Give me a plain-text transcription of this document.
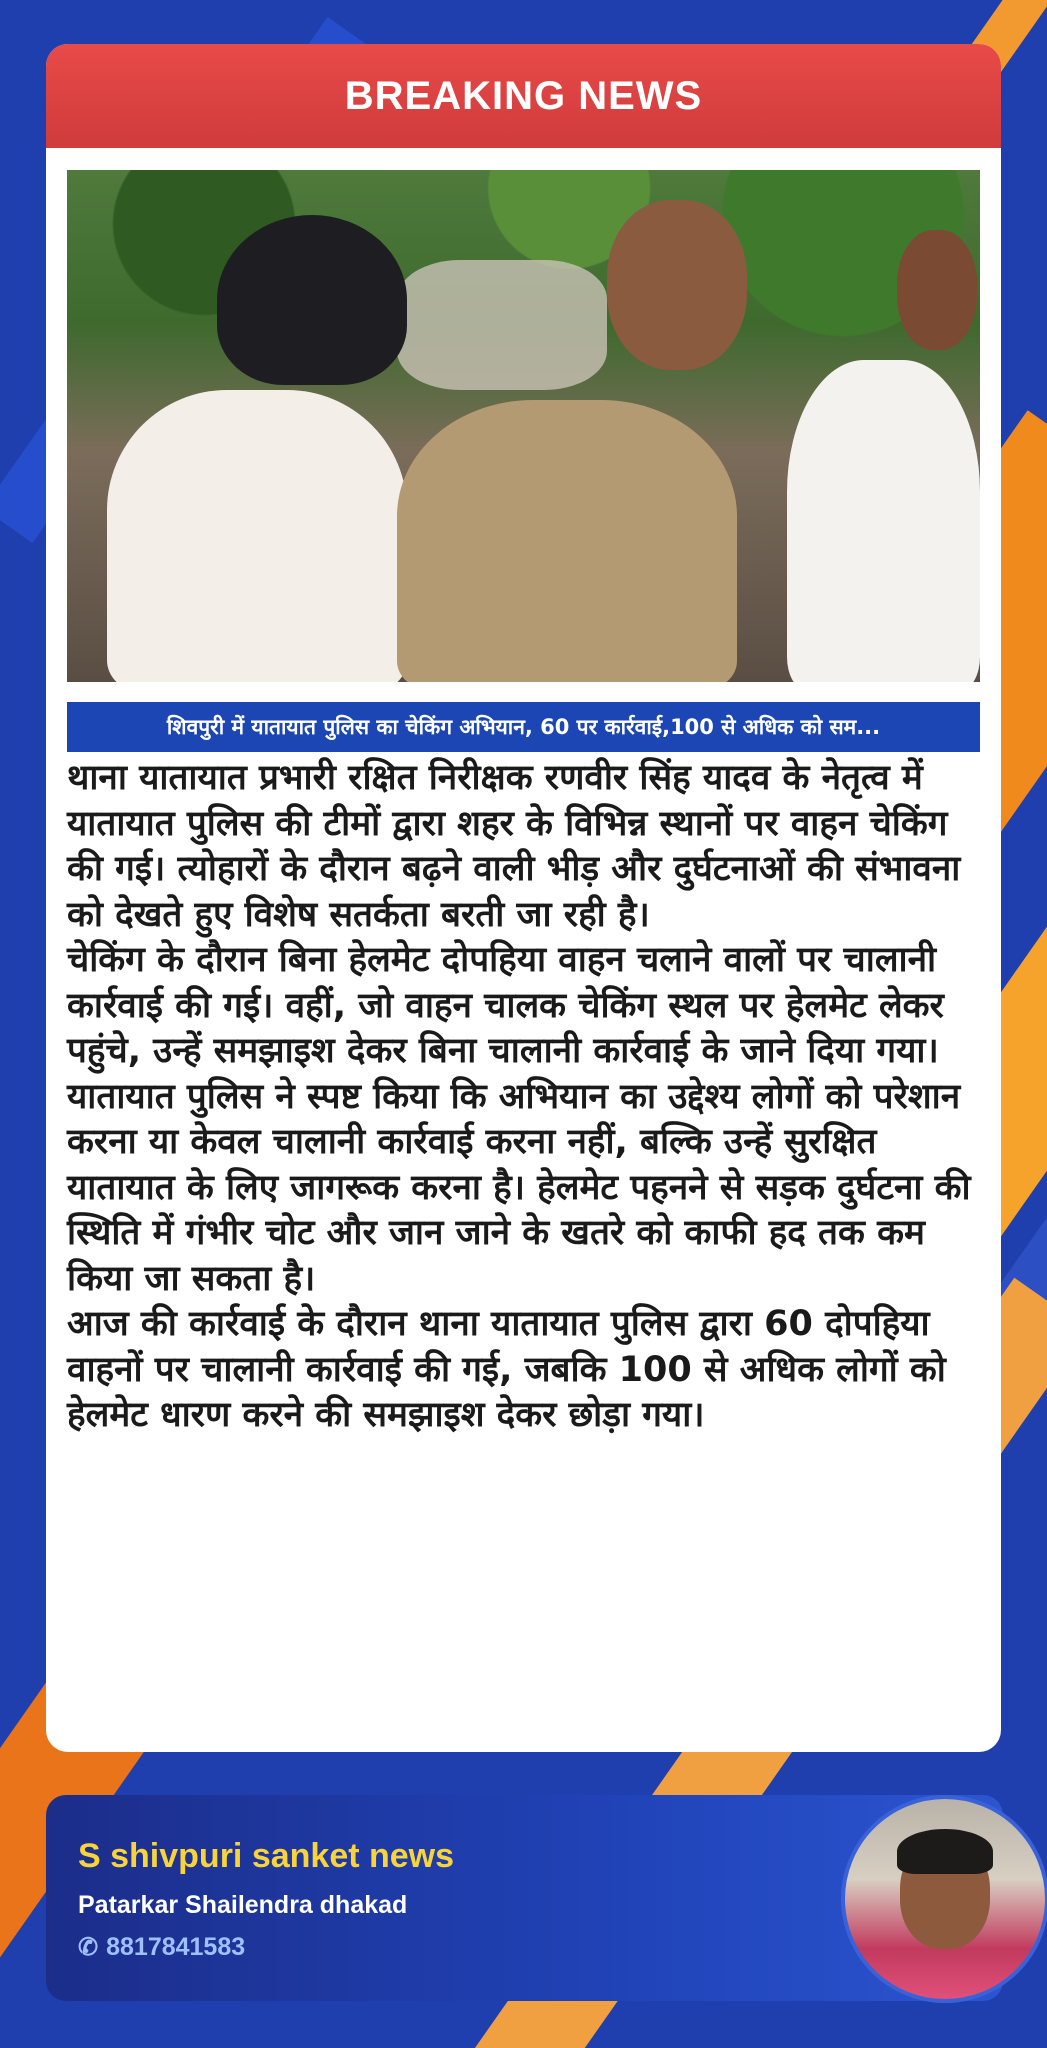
BREAKING NEWS
शिवपुरी में यातायात पुलिस का चेकिंग अभियान, 60 पर कार्रवाई,100 से अधिक को सम...

थाना यातायात प्रभारी रक्षित निरीक्षक रणवीर सिंह यादव के नेतृत्व में यातायात पुलिस की टीमों द्वारा शहर के विभिन्न स्थानों पर वाहन चेकिंग की गई। त्योहारों के दौरान बढ़ने वाली भीड़ और दुर्घटनाओं की संभावना को देखते हुए विशेष सतर्कता बरती जा रही है।

चेकिंग के दौरान बिना हेलमेट दोपहिया वाहन चलाने वालों पर चालानी कार्रवाई की गई। वहीं, जो वाहन चालक चेकिंग स्थल पर हेलमेट लेकर पहुंचे, उन्हें समझाइश देकर बिना चालानी कार्रवाई के जाने दिया गया।

यातायात पुलिस ने स्पष्ट किया कि अभियान का उद्देश्य लोगों को परेशान करना या केवल चालानी कार्रवाई करना नहीं, बल्कि उन्हें सुरक्षित यातायात के लिए जागरूक करना है। हेलमेट पहनने से सड़क दुर्घटना की स्थिति में गंभीर चोट और जान जाने के खतरे को काफी हद तक कम किया जा सकता है।

आज की कार्रवाई के दौरान थाना यातायात पुलिस द्वारा 60 दोपहिया वाहनों पर चालानी कार्रवाई की गई, जबकि 100 से अधिक लोगों को हेलमेट धारण करने की समझाइश देकर छोड़ा गया।

S shivpuri sanket news
Patarkar Shailendra dhakad
✆ 8817841583
